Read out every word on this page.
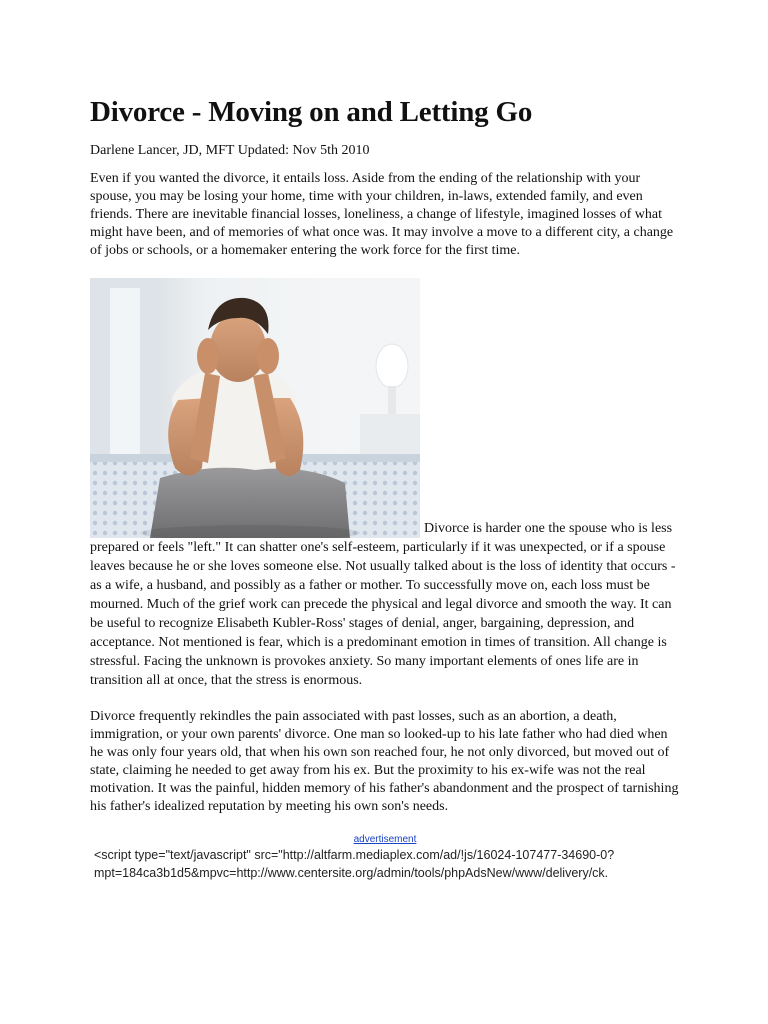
Divorce - Moving on and Letting Go
Darlene Lancer, JD, MFT Updated: Nov 5th 2010

Even if you wanted the divorce, it entails loss. Aside from the ending of the relationship with your spouse, you may be losing your home, time with your children, in-laws, extended family, and even friends. There are inevitable financial losses, loneliness, a change of lifestyle, imagined losses of what might have been, and of memories of what once was. It may involve a move to a different city, a change of jobs or schools, or a homemaker entering the work force for the first time.

Divorce is harder one the spouse who is less prepared or feels "left." It can shatter one's self-esteem, particularly if it was unexpected, or if a spouse leaves because he or she loves someone else. Not usually talked about is the loss of identity that occurs - as a wife, a husband, and possibly as a father or mother. To successfully move on, each loss must be mourned. Much of the grief work can precede the physical and legal divorce and smooth the way. It can be useful to recognize Elisabeth Kubler-Ross' stages of denial, anger, bargaining, depression, and acceptance. Not mentioned is fear, which is a predominant emotion in times of transition. All change is stressful. Facing the unknown is provokes anxiety. So many important elements of ones life are in transition all at once, that the stress is enormous.

Divorce frequently rekindles the pain associated with past losses, such as an abortion, a death, immigration, or your own parents' divorce. One man so looked-up to his late father who had died when he was only four years old, that when his own son reached four, he not only divorced, but moved out of state, claiming he needed to get away from his ex. But the proximity to his ex-wife was not the real motivation. It was the painful, hidden memory of his father's abandonment and the prospect of tarnishing his father's idealized reputation by meeting his own son's needs.

advertisement
<script type="text/javascript" src="http://altfarm.mediaplex.com/ad/!js/16024-107477-34690-0?
mpt=184ca3b1d5&mpvc=http://www.centersite.org/admin/tools/phpAdsNew/www/delivery/ck.
